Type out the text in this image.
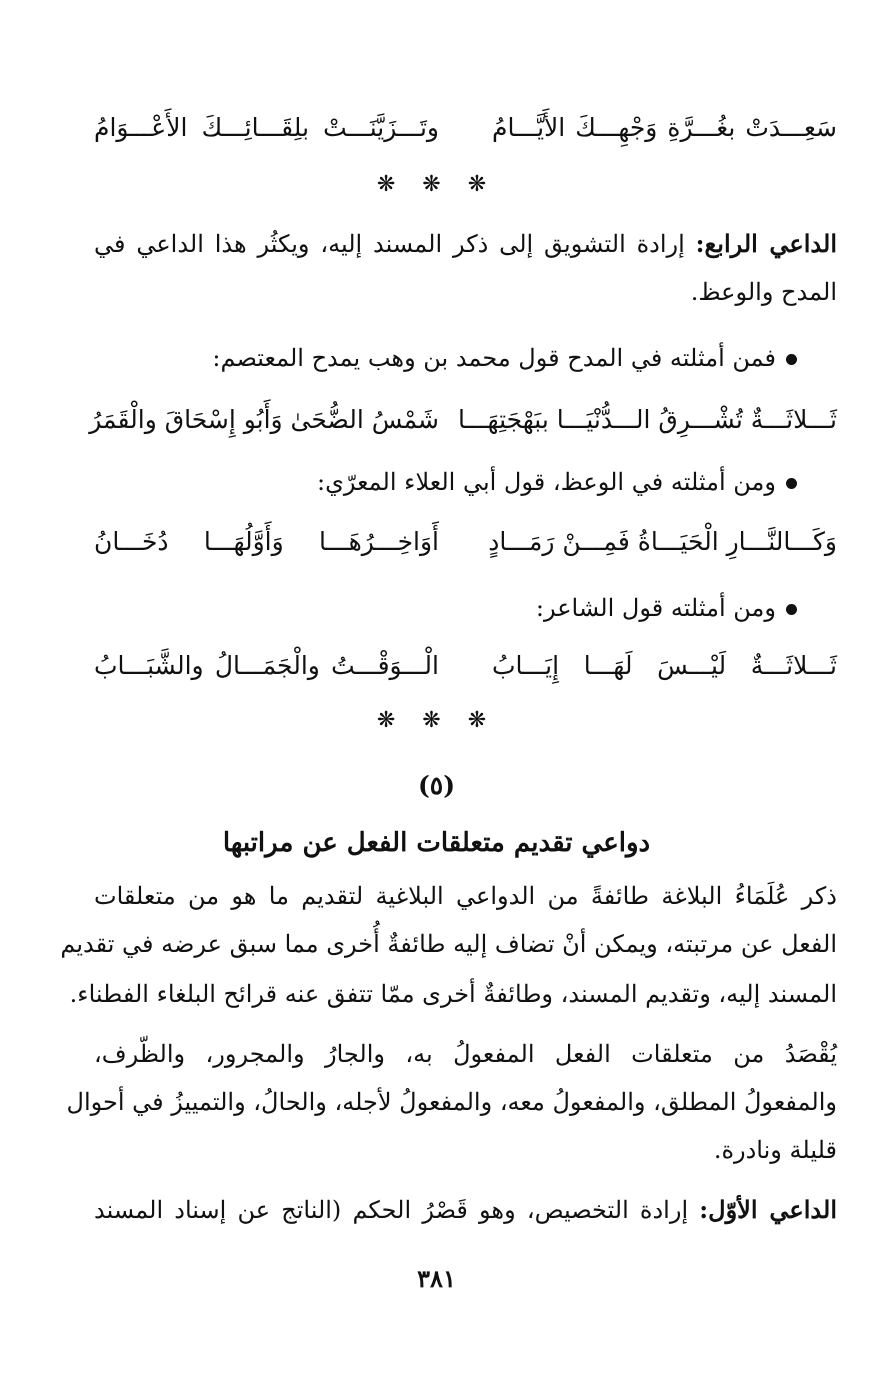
سَعِـــدَتْ بغُـــرَّةِ وَجْهِـــكَ الأَيَّـــامُ
وتَـــزَيَّنَـــتْ بلِقَـــائِـــكَ الأَعْـــوَامُ
❋ ❋ ❋
الداعي الرابع: إرادة التشويق إلى ذكر المسند إليه، ويكثُر هذا الداعي في
المدح والوعظ.
فمن أمثلته في المدح قول محمد بن وهب يمدح المعتصم:
ثَـــلاثَـــةٌ تُشْـــرِقُ الـــدُّنْيَـــا ببَهْجَتِهَـــا
شَمْسُ الضُّحَىٰ وَأَبُو إِسْحَاقَ والْقَمَرُ
ومن أمثلته في الوعظ، قول أبي العلاء المعرّي:
وَكَـــالنَّـــارِ الْحَيَـــاةُ فَمِـــنْ رَمَـــادٍ
أَوَاخِـــرُهَـــا وَأَوَّلُهَـــا دُخَـــانُ
ومن أمثلته قول الشاعر:
ثَـــلاثَـــةٌ لَيْـــسَ لَهَـــا إِيَـــابُ
الْـــوَقْـــتُ والْجَمَـــالُ والشَّبَـــابُ
❋ ❋ ❋
(٥)
دواعي تقديم متعلقات الفعل عن مراتبها
ذكر عُلَمَاءُ البلاغة طائفةً من الدواعي البلاغية لتقديم ما هو من متعلقات
الفعل عن مرتبته، ويمكن أنْ تضاف إليه طائفةٌ أُخرى مما سبق عرضه في تقديم
المسند إليه، وتقديم المسند، وطائفةٌ أخرى ممّا تتفق عنه قرائح البلغاء الفطناء.
يُقْصَدُ من متعلقات الفعل المفعولُ به، والجارُ والمجرور، والظّرف،
والمفعولُ المطلق، والمفعولُ معه، والمفعولُ لأجله، والحالُ، والتمييزُ في أحوال
قليلة ونادرة.
الداعي الأوّل: إرادة التخصيص، وهو قَصْرُ الحكم (الناتج عن إسناد المسند
٣٨١
